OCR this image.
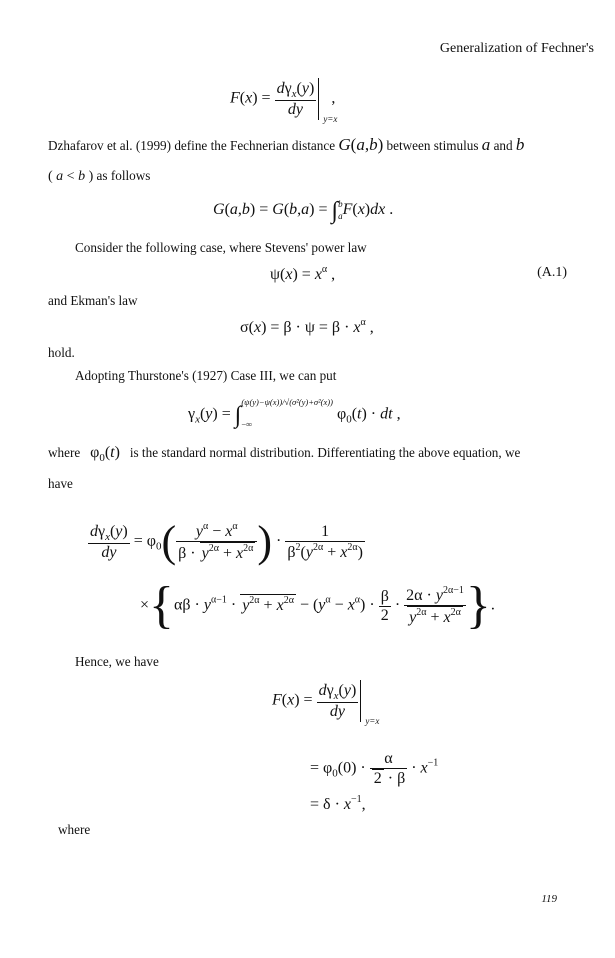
Generalization of Fechner's
$F(x) = \frac{d\gamma_x(y)}{dy}$
y=x
,
Dzhafarov et al. (1999) define the Fechnerian distance G(a,b) between stimulus a and b
( a < b ) as follows
G(a,b) = G(b,a) = ∫b
aF(x)dx .
Consider the following case, where Stevens' power law
$\psi(x) = x^\alpha$ ,	(A.1)
and Ekman's law
$\sigma(x) = \beta \cdot \psi = \beta \cdot x^\alpha$ ,
hold.
Adopting Thurstone's (1927) Case III, we can put
$\gamma_x(y) = \int(\psi(y)-\psi(x))/√(\sigma^2(y)+\sigma^2(x))$
−∞ $\varphi_0(t)$ · dt ,
where $\varphi_0(t)$ is the standard normal distribution. Differentiating the above equation, we
have
$\frac{d\gamma_x(y)}{dy} = \varphi_0( \frac{y^\alpha - x^\alpha}{\beta \cdot y^{2\alpha} + x^{2\alpha}}$ ) · $\frac{1}{\beta^2(y^{2\alpha} + x^{2\alpha})}$
$\times\{\alpha\beta \cdot y^{\alpha-1} \cdot y^{2\alpha} + x^{2\alpha} - (y^\alpha - x^\alpha) \cdot \frac{\beta}{2} \cdot \frac{2\alpha \cdot y^{2\alpha-1}}{y^{2\alpha} + x^{2\alpha}}$ }.
Hence, we have
$F(x) = \frac{d\gamma_x(y)}{dy}$
y=x
= $\varphi_0(0) \cdot \frac{\alpha}{2 \cdot \beta} \cdot x^{-1}$
= $\delta \cdot x^{-1}$,
where
119
